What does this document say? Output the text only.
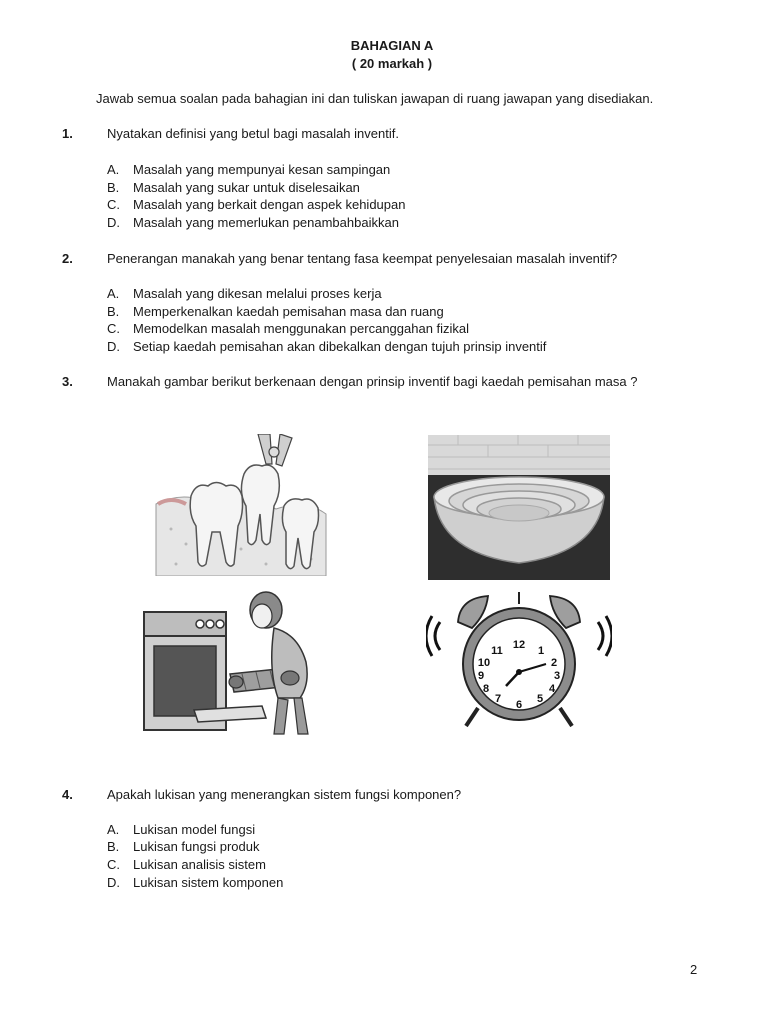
BAHAGIAN A
( 20 markah )
Jawab semua soalan pada bahagian ini dan tuliskan jawapan di ruang jawapan yang disediakan.
1.	Nyatakan definisi yang betul bagi masalah inventif.
A. Masalah yang mempunyai kesan sampingan
B. Masalah yang sukar untuk diselesaikan
C. Masalah yang berkait dengan aspek kehidupan
D. Masalah yang memerlukan penambahbaikkan
2.	Penerangan manakah yang benar tentang fasa keempat penyelesaian masalah inventif?
A. Masalah yang dikesan melalui proses kerja
B. Memperkenalkan kaedah pemisahan masa dan ruang
C. Memodelkan masalah menggunakan percanggahan fizikal
D. Setiap kaedah pemisahan akan dibekalkan dengan tujuh prinsip inventif
3.	Manakah gambar berikut berkenaan dengan prinsip inventif bagi kaedah pemisahan masa ?
12 1
2
3
4
5
6
7
8
9
10
11
4.	Apakah lukisan yang menerangkan sistem fungsi komponen?
A. Lukisan model fungsi
B. Lukisan fungsi produk
C. Lukisan analisis sistem
D. Lukisan sistem komponen
2
